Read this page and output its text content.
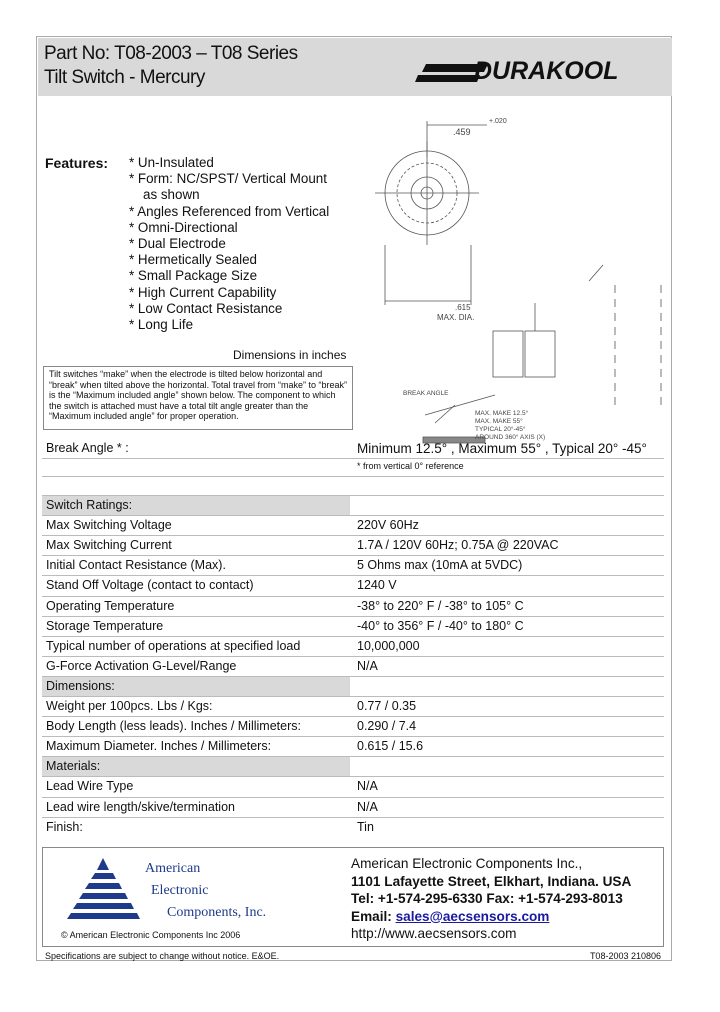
Part No: T08-2003 – T08 Series
Tilt Switch - Mercury	DURAKOOL
Features: * Un-Insulated
* Form: NC/SPST/ Vertical Mount
as shown
* Angles Referenced from Vertical
* Omni-Directional
* Dual Electrode
* Hermetically Sealed
* Small Package Size
* High Current Capability
* Low Contact Resistance
* Long Life
+.020
.459
.615
MAX. DIA.
BREAK ANGLE
MAX. MAKE 12.5°
MAX. MAKE 55°
TYPICAL 20°-45°
AROUND 360° AXIS (X)
Dimensions in inches
Tilt switches “make” when the electrode is tilted below horizontal and “break” when tilted above the horizontal. Total travel from “make” to “break” is the “Maximum included angle” shown below. The component to which the switch is attached must have a total tilt angle greater than the “Maximum included angle” for proper operation.
Break Angle * :	Minimum 12.5° , Maximum 55° , Typical 20° -45°
* from vertical 0° reference
Switch Ratings:
Max Switching Voltage	220V 60Hz
Max Switching Current	1.7A / 120V 60Hz; 0.75A @ 220VAC
Initial Contact Resistance (Max).	5 Ohms max (10mA at 5VDC)
Stand Off Voltage (contact to contact)	1240 V
Operating Temperature	-38° to 220° F / -38° to 105° C
Storage Temperature	-40° to 356° F / -40° to 180° C
Typical number of operations at specified load	10,000,000
G-Force Activation G-Level/Range	N/A
Dimensions:
Weight per 100pcs. Lbs / Kgs:	0.77 / 0.35
Body Length (less leads). Inches / Millimeters:	0.290 / 7.4
Maximum Diameter. Inches / Millimeters:	0.615 / 15.6
Materials:
Lead Wire Type	N/A
Lead wire length/skive/termination	N/A
Finish:	Tin
American
Electronic
Components, Inc.
© American Electronic Components Inc 2006
American Electronic Components Inc.,
1101 Lafayette Street, Elkhart, Indiana. USA
Tel: +1-574-295-6330 Fax: +1-574-293-8013
Email: sales@aecsensors.com
http://www.aecsensors.com
Specifications are subject to change without notice. E&OE.	T08-2003 210806
